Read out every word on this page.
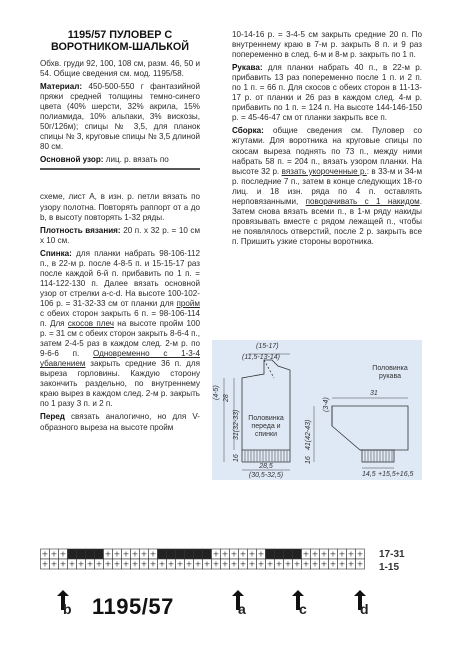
1195/57 ПУЛОВЕР С
ВОРОТНИКОМ-ШАЛЬКОЙ

Обхв. груди 92, 100, 108 см, разм. 46, 50 и 54. Общие сведения см. мод. 1195/58.

Материал: 450-500-550 г фантазийной пряжи средней толщины темно-синего цвета (40% шерсти, 32% акрила, 15% полиамида, 10% альпаки, 3% вискозы, 50г/126м); спицы № 3,5, для планок спицы № 3, круговые спицы № 3,5 длиной 80 см.

Основной узор: лиц. р. вязать по

схеме, лист А, в изн. р. петли вязать по узору полотна. Повторять раппорт от a до b, в высоту повторять 1-32 ряды.

Плотность вязания: 20 п. х 32 р. = 10 см х 10 см.

Спинка: для планки набрать 98-106-112 п., в 22-м р. после 4-8-5 п. и 15-15-17 раз после каждой 6-й п. прибавить по 1 п. = 114-122-130 п. Далее вязать основной узор от стрелки a-c-d. На высоте 100-102-106 р. = 31-32-33 см от планки для пройм с обеих сторон закрыть 6 п. = 98-106-114 п. Для скосов плеч на высоте пройм 100 р. = 31 см с обеих сторон закрыть 8-6-4 п., затем 2-4-5 раз в каждом след. 2-м р. по 9-6-6 п. Одновременно с 1-3-4 убавлением закрыть средние 36 п. для выреза горловины. Каждую сторону закончить раздельно, по внутреннему краю вырез в каждом след. 2-м р. закрыть по 1 разу 3 п. и 2 п.

Перед связать аналогично, но для V-образного выреза на высоте пройм

10-14-16 р. = 3-4-5 см закрыть средние 20 п. По внутреннему краю в 7-м р. закрыть 8 п. и 9 раз попеременно в след. 6-м и 8-м р. закрыть по 1 п.

Рукава: для планки набрать 40 п., в 22-м р. прибавить 13 раз попеременно после 1 п. и 2 п. по 1 п. = 66 п. Для скосов с обеих сторон в 11-13-17 р. от планки и 26 раз в каждом след. 4-м р. прибавить по 1 п. = 124 п. На высоте 144-146-150 р. = 45-46-47 см от планки закрыть все п.

Сборка: общие сведения см. Пуловер со жгутами. Для воротника на круговые спицы по скосам выреза поднять по 73 п., между ними набрать 58 п. = 204 п., вязать узором планки. На высоте 32 р. вязать укороченные р.: в 33-м и 34-м р. последние 7 п., затем в конце следующих 18-го лиц. и 18 изн. ряда по 4 п. оставлять нерповязанными, поворачивать с 1 накидом. Затем снова вязать всеми п., в 1-м ряду накиды провязывать вместе с рядом лежащей п., чтобы не появлялось отверстий, после 2 р. закрыть все п. Пришить узкие стороны воротника.

(15-17)
(11,5-13-14)
(4-5) 28
31(32-33)
16
Половинка
переда и
спинки
28,5
(30,5-32,5)
Половинка
рукава
31
41(42-43)
(3-4)
16
14,5 +15,5+16,5
+ + +	+ + + + + +	+ + + + + +	+ + + + + + +
+ + + + + + + + + + + + + + + + + + + + + + + + + + + + + + + + + + + +
17-31
1-15
b 1195/57	a	c	d
